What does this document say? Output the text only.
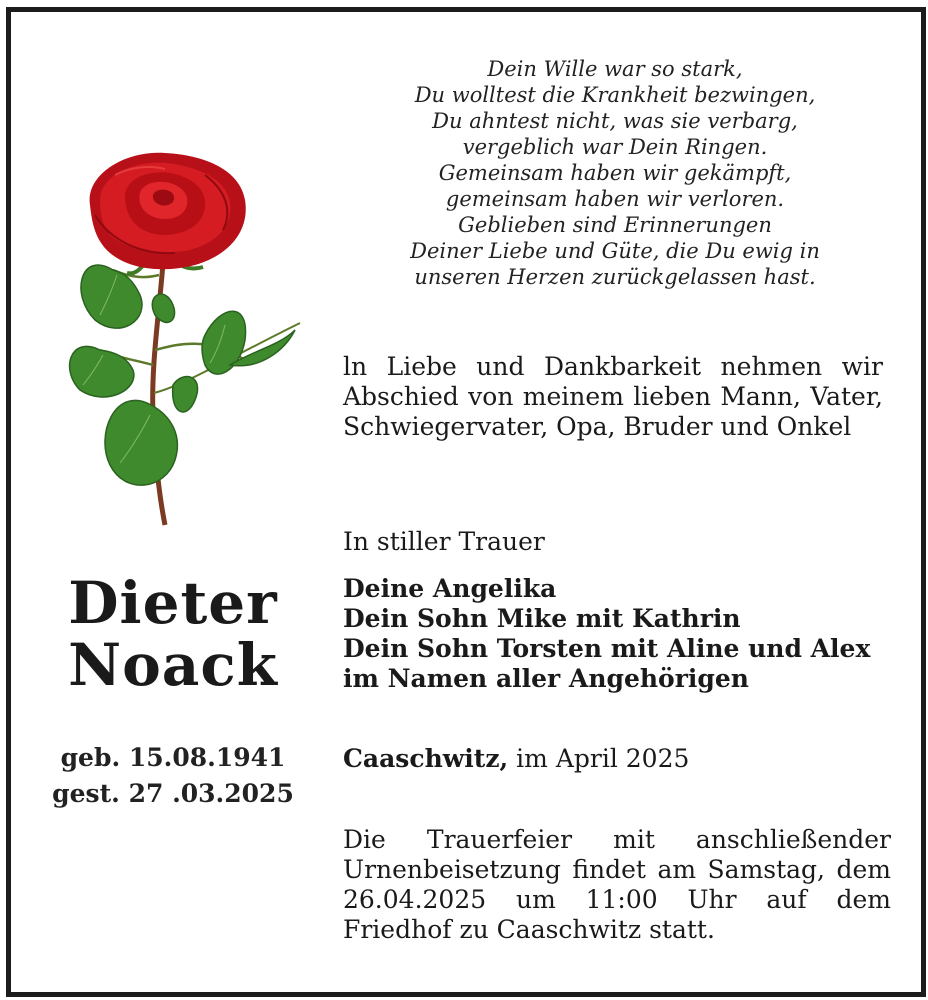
Dein Wille war so stark,
Du wolltest die Krankheit bezwingen,
Du ahntest nicht, was sie verbarg,
vergeblich war Dein Ringen.
Gemeinsam haben wir gekämpft,
gemeinsam haben wir verloren.
Geblieben sind Erinnerungen
Deiner Liebe und Güte, die Du ewig in
unseren Herzen zurückgelassen hast.
ln Liebe und Dankbarkeit nehmen wir Abschied von meinem lieben Mann, Vater, Schwiegervater, Opa, Bruder und Onkel
Dieter
Noack
In stiller Trauer
Deine Angelika
Dein Sohn Mike mit Kathrin
Dein Sohn Torsten mit Aline und Alex
im Namen aller Angehörigen
geb. 15.08.1941
gest. 27 .03.2025
Caaschwitz, im April 2025
Die Trauerfeier mit anschließender Urnenbeisetzung findet am Samstag, dem 26.04.2025 um 11:00 Uhr auf dem Friedhof zu Caaschwitz statt.
